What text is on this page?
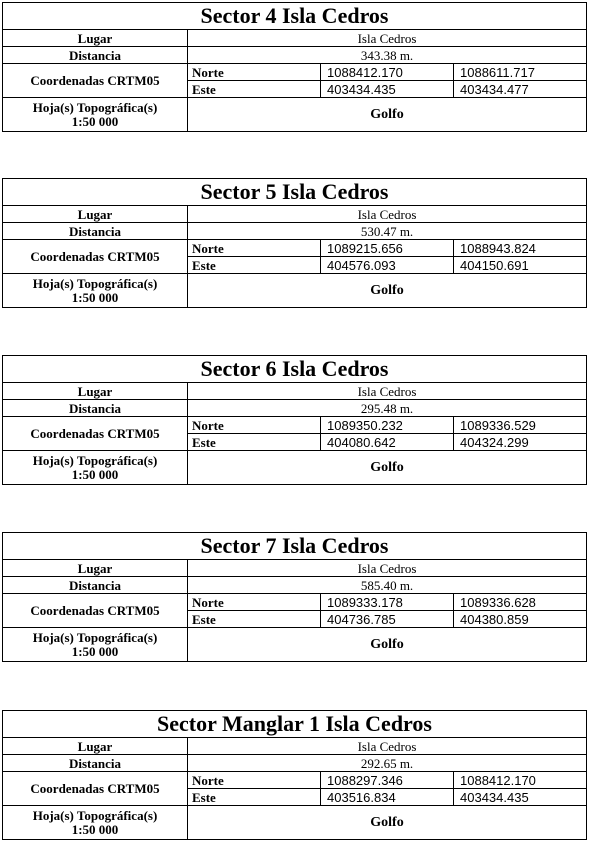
Sector 4 Isla Cedros
Lugar	Isla Cedros		
Distancia	343.38 m.		
Coordenadas CRTM05	Norte	1088412.170	1088611.717
	Este	403434.435	403434.477
Hoja(s) Topográfica(s)
1:50 000	Golfo		
Sector 5 Isla Cedros
Lugar	Isla Cedros		
Distancia	530.47 m.		
Coordenadas CRTM05	Norte	1089215.656	1088943.824
	Este	404576.093	404150.691
Hoja(s) Topográfica(s)
1:50 000	Golfo		
Sector 6 Isla Cedros
Lugar	Isla Cedros		
Distancia	295.48 m.		
Coordenadas CRTM05	Norte	1089350.232	1089336.529
	Este	404080.642	404324.299
Hoja(s) Topográfica(s)
1:50 000	Golfo		
Sector 7 Isla Cedros
Lugar	Isla Cedros		
Distancia	585.40 m.		
Coordenadas CRTM05	Norte	1089333.178	1089336.628
	Este	404736.785	404380.859
Hoja(s) Topográfica(s)
1:50 000	Golfo		
Sector Manglar 1 Isla Cedros
Lugar	Isla Cedros		
Distancia	292.65 m.		
Coordenadas CRTM05	Norte	1088297.346	1088412.170
	Este	403516.834	403434.435
Hoja(s) Topográfica(s)
1:50 000	Golfo		
